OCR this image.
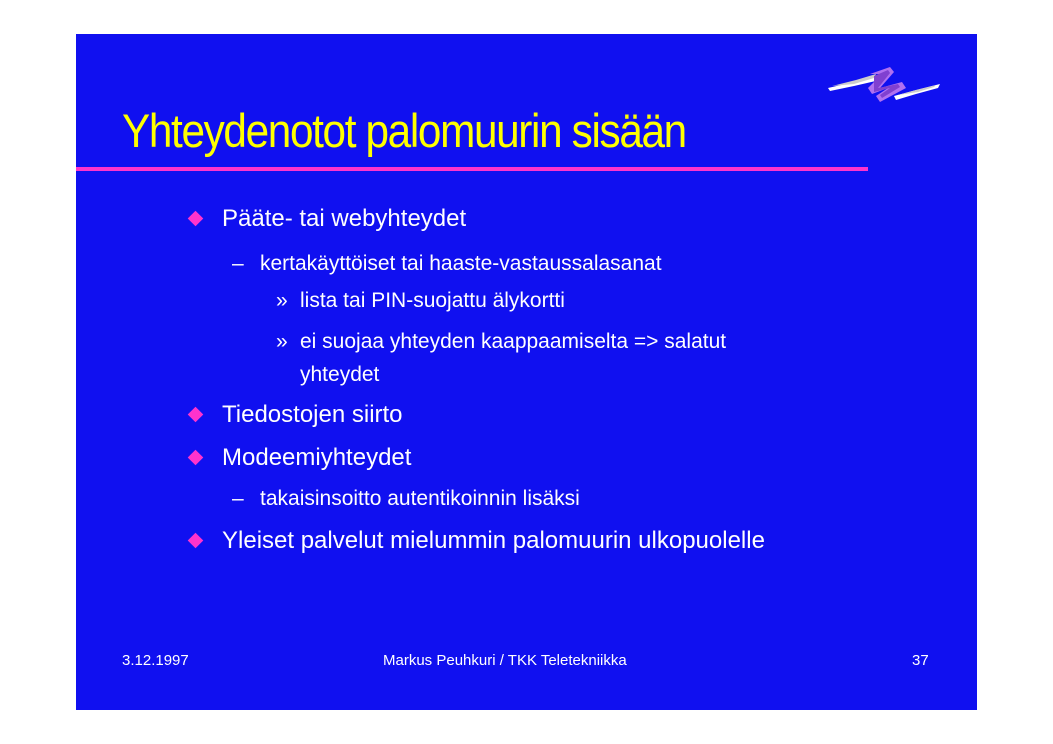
Yhteydenotot palomuurin sisään
Pääte- tai webyhteydet
– kertakäyttöiset tai haaste-vastaussalasanat
» lista tai PIN-suojattu älykortti
» ei suojaa yhteyden kaappaamiselta => salatut
yhteydet
Tiedostojen siirto
Modeemiyhteydet
– takaisinsoitto autentikoinnin lisäksi
Yleiset palvelut mielummin palomuurin ulkopuolelle
3.12.1997	Markus Peuhkuri / TKK Teletekniikka	37
